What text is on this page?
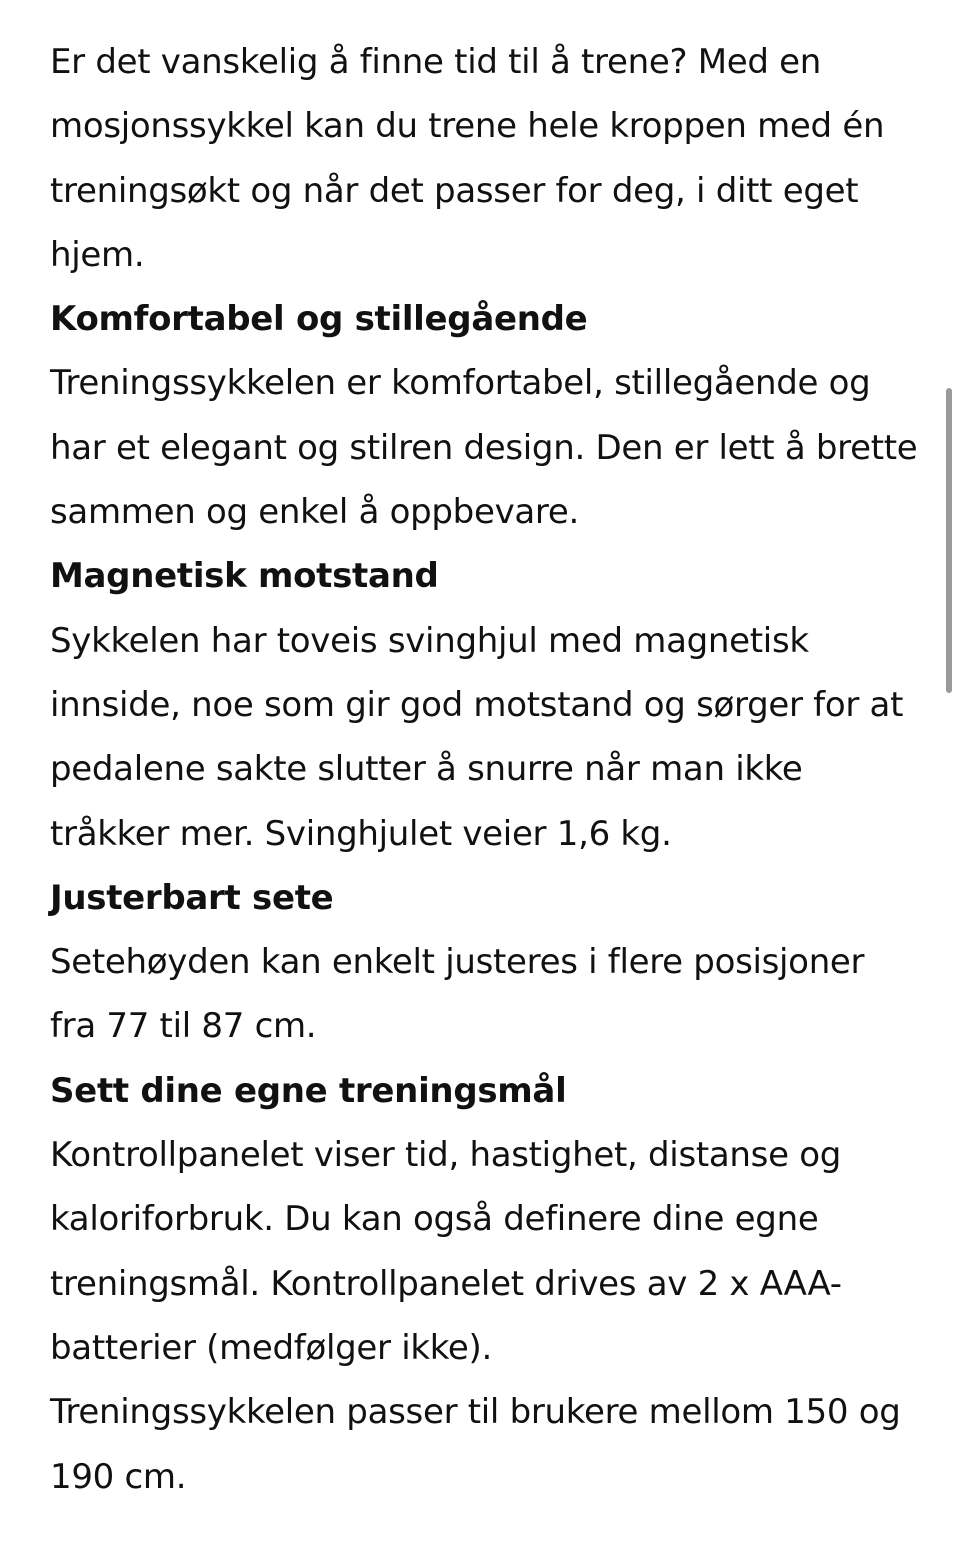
Er det vanskelig å finne tid til å trene? Med en mosjonssykkel kan du trene hele kroppen med én treningsøkt og når det passer for deg, i ditt eget hjem.

Komfortabel og stillegående

Treningssykkelen er komfortabel, stillegående og har et elegant og stilren design. Den er lett å brette sammen og enkel å oppbevare.

Magnetisk motstand

Sykkelen har toveis svinghjul med magnetisk innside, noe som gir god motstand og sørger for at pedalene sakte slutter å snurre når man ikke tråkker mer. Svinghjulet veier 1,6 kg.

Justerbart sete

Setehøyden kan enkelt justeres i flere posisjoner fra 77 til 87 cm.

Sett dine egne treningsmål

Kontrollpanelet viser tid, hastighet, distanse og kaloriforbruk. Du kan også definere dine egne treningsmål. Kontrollpanelet drives av 2 x AAA-batterier (medfølger ikke).

Treningssykkelen passer til brukere mellom 150 og 190 cm.
